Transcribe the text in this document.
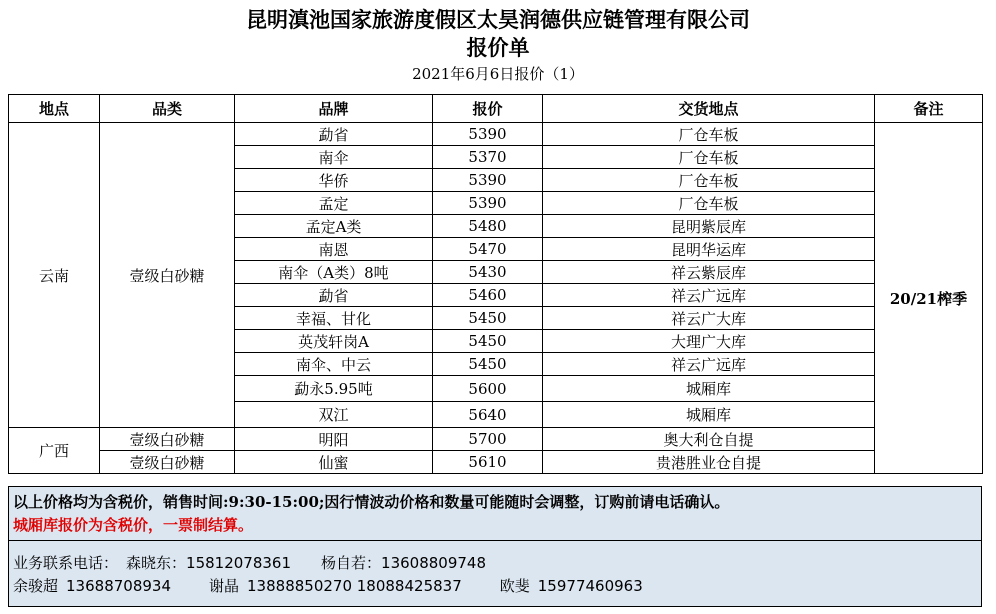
昆明滇池国家旅游度假区太昊润德供应链管理有限公司
报价单
2021年6月6日报价（1）
地点	品类	品牌	报价	交货地点	备注
云南	壹级白砂糖	勐省	5390	厂仓车板	20/21榨季
		南伞	5370	厂仓车板	
		华侨	5390	厂仓车板	
		孟定	5390	厂仓车板	
		孟定A类	5480	昆明紫辰库	
		南恩	5470	昆明华运库	
		南伞（A类）8吨	5430	祥云紫辰库	
		勐省	5460	祥云广远库	
		幸福、甘化	5450	祥云广大库	
		英茂轩岗A	5450	大理广大库	
		南伞、中云	5450	祥云广远库	
		勐永5.95吨	5600	城厢库	
		双江	5640	城厢库	
广西	壹级白砂糖	明阳	5700	奥大利仓自提	
	壹级白砂糖	仙蜜	5610	贵港胜业仓自提	
以上价格均为含税价，销售时间:9:30-15:00;因行情波动价格和数量可能随时会调整，订购前请电话确认。
城厢库报价为含税价，一票制结算。
业务联系电话： 森晓东：15812078361 杨自若：13608809748
余骏超 13688708934	谢晶 13888850270 18088425837	欧斐 15977460963
